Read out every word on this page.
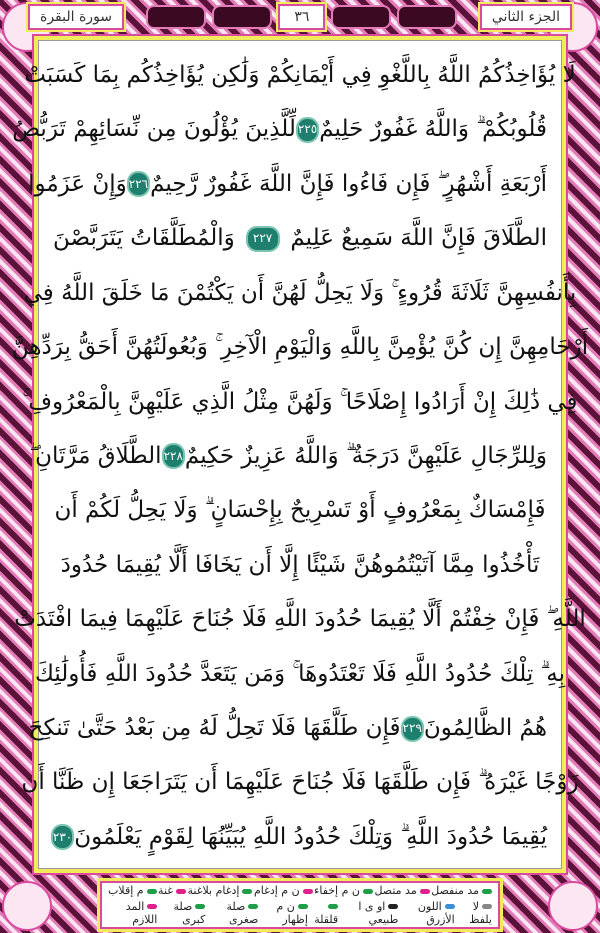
الجزء الثاني
٣٦
سورة البقرة
لَا يُؤَاخِذُكُمُ اللَّهُ بِاللَّغْوِ فِي أَيْمَانِكُمْ وَلَٰكِن يُؤَاخِذُكُم بِمَا كَسَبَتْ
قُلُوبُكُمْ ۗ وَاللَّهُ غَفُورٌ حَلِيمٌ
٢٢٥
لِّلَّذِينَ يُؤْلُونَ مِن نِّسَائِهِمْ تَرَبُّصُ
أَرْبَعَةِ أَشْهُرٍ ۖ فَإِن فَاءُوا فَإِنَّ اللَّهَ غَفُورٌ رَّحِيمٌ
٢٢٦
وَإِنْ عَزَمُوا
الطَّلَاقَ فَإِنَّ اللَّهَ سَمِيعٌ عَلِيمٌ
٢٢٧
وَالْمُطَلَّقَاتُ يَتَرَبَّصْنَ
بِأَنفُسِهِنَّ ثَلَاثَةَ قُرُوءٍ ۚ وَلَا يَحِلُّ لَهُنَّ أَن يَكْتُمْنَ مَا خَلَقَ اللَّهُ فِي
أَرْحَامِهِنَّ إِن كُنَّ يُؤْمِنَّ بِاللَّهِ وَالْيَوْمِ الْآخِرِ ۚ وَبُعُولَتُهُنَّ أَحَقُّ بِرَدِّهِنَّ
فِي ذَٰلِكَ إِنْ أَرَادُوا إِصْلَاحًا ۚ وَلَهُنَّ مِثْلُ الَّذِي عَلَيْهِنَّ بِالْمَعْرُوفِ ۚ
وَلِلرِّجَالِ عَلَيْهِنَّ دَرَجَةٌ ۗ وَاللَّهُ عَزِيزٌ حَكِيمٌ
٢٢٨
الطَّلَاقُ مَرَّتَانِ ۖ
فَإِمْسَاكٌ بِمَعْرُوفٍ أَوْ تَسْرِيحٌ بِإِحْسَانٍ ۗ وَلَا يَحِلُّ لَكُمْ أَن
تَأْخُذُوا مِمَّا آتَيْتُمُوهُنَّ شَيْئًا إِلَّا أَن يَخَافَا أَلَّا يُقِيمَا حُدُودَ
اللَّهِ ۖ فَإِنْ خِفْتُمْ أَلَّا يُقِيمَا حُدُودَ اللَّهِ فَلَا جُنَاحَ عَلَيْهِمَا فِيمَا افْتَدَتْ
بِهِ ۗ تِلْكَ حُدُودُ اللَّهِ فَلَا تَعْتَدُوهَا ۚ وَمَن يَتَعَدَّ حُدُودَ اللَّهِ فَأُولَٰئِكَ
هُمُ الظَّالِمُونَ
٢٢٩
فَإِن طَلَّقَهَا فَلَا تَحِلُّ لَهُ مِن بَعْدُ حَتَّىٰ تَنكِحَ
زَوْجًا غَيْرَهُ ۗ فَإِن طَلَّقَهَا فَلَا جُنَاحَ عَلَيْهِمَا أَن يَتَرَاجَعَا إِن ظَنَّا أَن
يُقِيمَا حُدُودَ اللَّهِ ۗ وَتِلْكَ حُدُودُ اللَّهِ يُبَيِّنُهَا لِقَوْمٍ يَعْلَمُونَ
٢٣٠
مد منفصل
مد متصل
ن م إخفاء
ن م إدغام
إدغام بلاغنة
غنة
م إقلاب
لا يلفظ
اللون الأزرق
او ى ا طبيعي
قلقلة
ن م إظهار
صلة صغرى
صلة كبرى
المد اللازم
